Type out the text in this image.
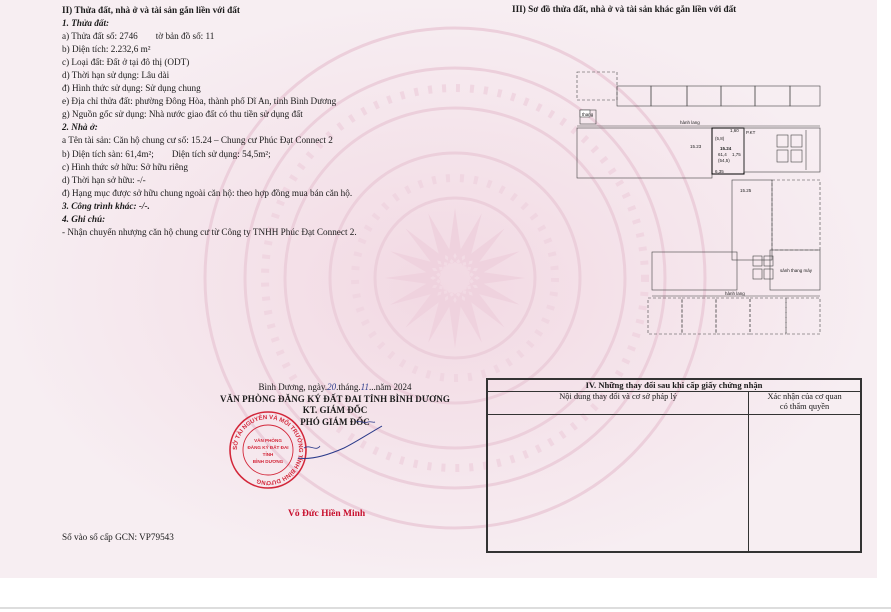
II) Thửa đất, nhà ở và tài sản gắn liền với đất
1. Thửa đất:
a) Thửa đất số: 2746 tờ bản đồ số: 11
b) Diện tích: 2.232,6 m²
c) Loại đất: Đất ở tại đô thị (ODT)
d) Thời hạn sử dụng: Lâu dài
đ) Hình thức sử dụng: Sử dụng chung
e) Địa chỉ thửa đất: phường Đông Hòa, thành phố Dĩ An, tỉnh Bình Dương
g) Nguồn gốc sử dụng: Nhà nước giao đất có thu tiền sử dụng đất
2. Nhà ở:
a Tên tài sản: Căn hộ chung cư số: 15.24 – Chung cư Phúc Đạt Connect 2
b) Diện tích sàn: 61,4m²; Diện tích sử dụng: 54,5m²;
c) Hình thức sở hữu: Sở hữu riêng
d) Thời hạn sở hữu: -/-
đ) Hạng mục được sở hữu chung ngoài căn hộ: theo hợp đồng mua bán căn hộ.
3. Công trình khác: -/-.
4. Ghi chú:
- Nhận chuyển nhượng căn hộ chung cư từ Công ty TNHH Phúc Đạt Connect 2.
III) Sơ đồ thửa đất, nhà ở và tài sản khác gắn liền với đất
hành lang
15.23
(5,8)
15.24
61,4
(54,5)
1,60
1,75
6,35
P.KT
15.25
thang
sảnh thang máy
hành lang
Bình Dương, ngày.20.tháng.11...năm 2024
VĂN PHÒNG ĐĂNG KÝ ĐẤT ĐAI TỈNH BÌNH DƯƠNG
KT. GIÁM ĐỐC
PHÓ GIÁM ĐỐC
SỞ TÀI NGUYÊN VÀ MÔI TRƯỜNG TỈNH BÌNH DƯƠNG
VĂN PHÒNG
ĐĂNG KÝ ĐẤT ĐAI
TỈNH
BÌNH DƯƠNG
Võ Đức Hiền Minh
Số vào sổ cấp GCN: VP79543
IV. Những thay đổi sau khi cấp giấy chứng nhận	
Nội dung thay đổi và cơ sở pháp lý	Xác nhận của cơ quan
có thẩm quyền
